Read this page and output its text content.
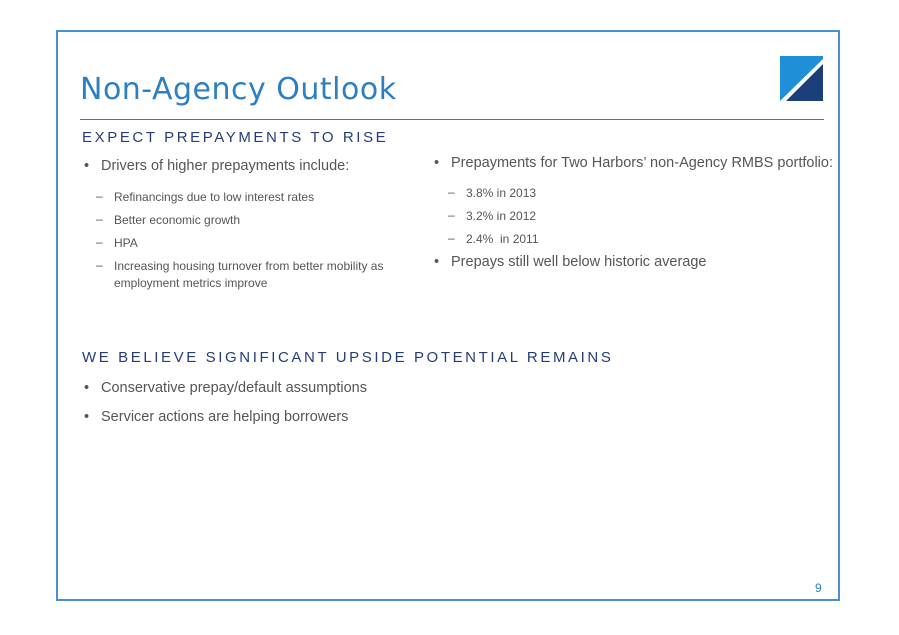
Non-Agency Outlook
EXPECT PREPAYMENTS TO RISE
• Drivers of higher prepayments include:
– Refinancings due to low interest rates
– Better economic growth
– HPA
– Increasing housing turnover from better mobility as employment metrics improve
• Prepayments for Two Harbors’ non-Agency RMBS portfolio:
– 3.8% in 2013
– 3.2% in 2012
– 2.4%  in 2011
• Prepays still well below historic average
WE BELIEVE SIGNIFICANT UPSIDE POTENTIAL REMAINS
• Conservative prepay/default assumptions
• Servicer actions are helping borrowers
9
